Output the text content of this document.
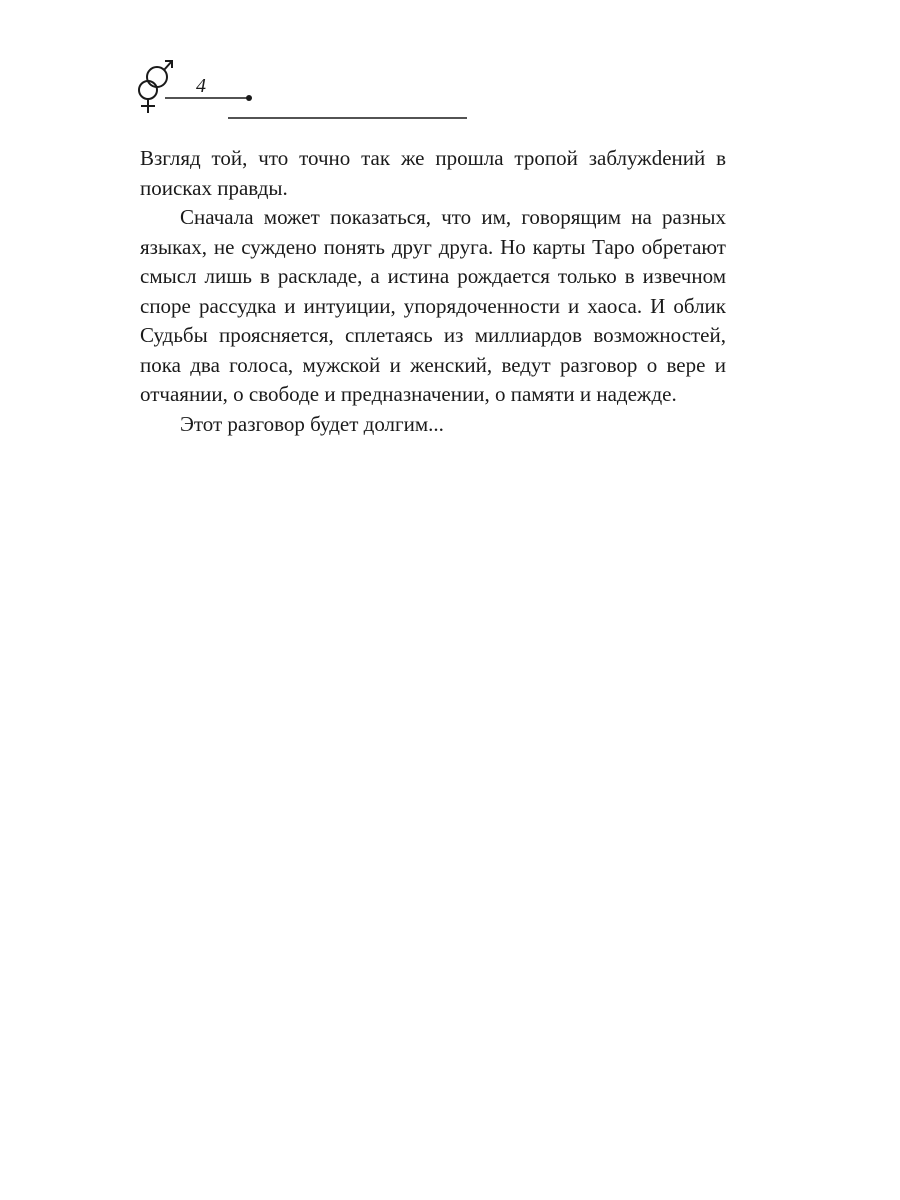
4

Взгляд той, что точно так же прошла тропой заблужdений в поисках правды.

Сначала может показаться, что им, говорящим на разных языках, не суждено понять друг друга. Но карты Таро обретают смысл лишь в раскладе, а истина рождается только в извечном споре рассудка и интуиции, упорядоченности и хаоса. И облик Судьбы проясняется, сплетаясь из миллиардов возможностей, пока два голоса, мужской и женский, ведут разговор о вере и отчаянии, о свободе и предназначении, о памяти и надежде.

Этот разговор будет долгим...
